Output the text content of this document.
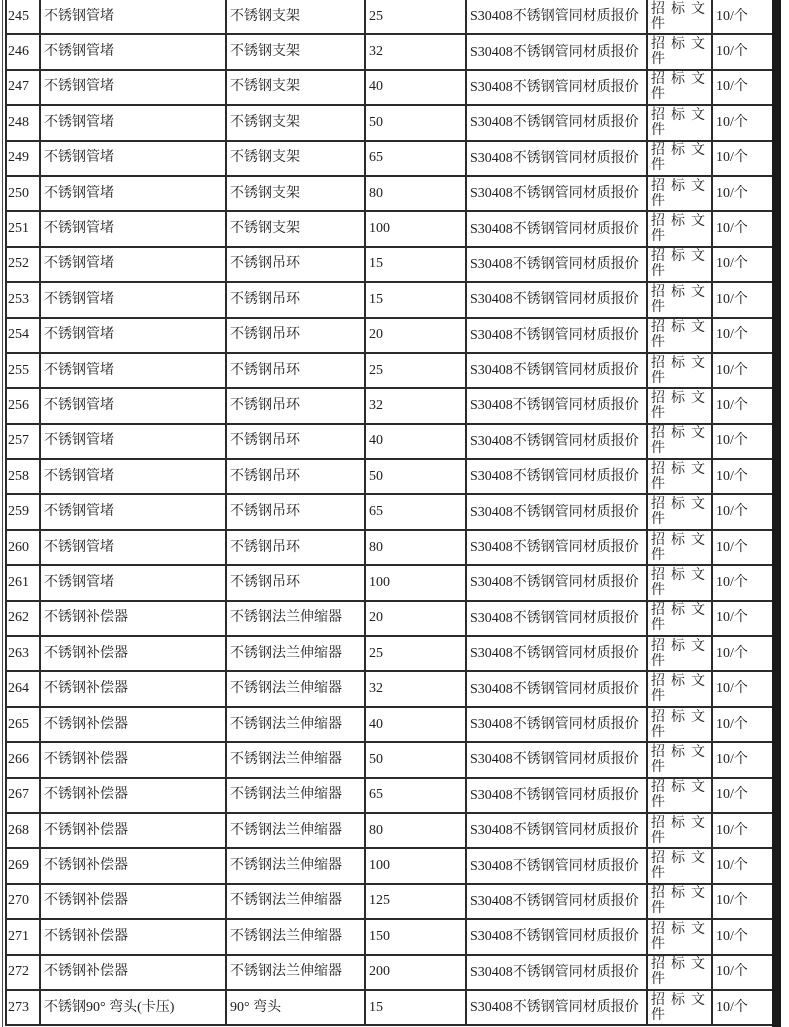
245	不锈钢管堵	不锈钢支架	25	S30408不锈钢管同材质报价	招标文件	10/个
246	不锈钢管堵	不锈钢支架	32	S30408不锈钢管同材质报价	招标文件	10/个
247	不锈钢管堵	不锈钢支架	40	S30408不锈钢管同材质报价	招标文件	10/个
248	不锈钢管堵	不锈钢支架	50	S30408不锈钢管同材质报价	招标文件	10/个
249	不锈钢管堵	不锈钢支架	65	S30408不锈钢管同材质报价	招标文件	10/个
250	不锈钢管堵	不锈钢支架	80	S30408不锈钢管同材质报价	招标文件	10/个
251	不锈钢管堵	不锈钢支架	100	S30408不锈钢管同材质报价	招标文件	10/个
252	不锈钢管堵	不锈钢吊环	15	S30408不锈钢管同材质报价	招标文件	10/个
253	不锈钢管堵	不锈钢吊环	15	S30408不锈钢管同材质报价	招标文件	10/个
254	不锈钢管堵	不锈钢吊环	20	S30408不锈钢管同材质报价	招标文件	10/个
255	不锈钢管堵	不锈钢吊环	25	S30408不锈钢管同材质报价	招标文件	10/个
256	不锈钢管堵	不锈钢吊环	32	S30408不锈钢管同材质报价	招标文件	10/个
257	不锈钢管堵	不锈钢吊环	40	S30408不锈钢管同材质报价	招标文件	10/个
258	不锈钢管堵	不锈钢吊环	50	S30408不锈钢管同材质报价	招标文件	10/个
259	不锈钢管堵	不锈钢吊环	65	S30408不锈钢管同材质报价	招标文件	10/个
260	不锈钢管堵	不锈钢吊环	80	S30408不锈钢管同材质报价	招标文件	10/个
261	不锈钢管堵	不锈钢吊环	100	S30408不锈钢管同材质报价	招标文件	10/个
262	不锈钢补偿器	不锈钢法兰伸缩器	20	S30408不锈钢管同材质报价	招标文件	10/个
263	不锈钢补偿器	不锈钢法兰伸缩器	25	S30408不锈钢管同材质报价	招标文件	10/个
264	不锈钢补偿器	不锈钢法兰伸缩器	32	S30408不锈钢管同材质报价	招标文件	10/个
265	不锈钢补偿器	不锈钢法兰伸缩器	40	S30408不锈钢管同材质报价	招标文件	10/个
266	不锈钢补偿器	不锈钢法兰伸缩器	50	S30408不锈钢管同材质报价	招标文件	10/个
267	不锈钢补偿器	不锈钢法兰伸缩器	65	S30408不锈钢管同材质报价	招标文件	10/个
268	不锈钢补偿器	不锈钢法兰伸缩器	80	S30408不锈钢管同材质报价	招标文件	10/个
269	不锈钢补偿器	不锈钢法兰伸缩器	100	S30408不锈钢管同材质报价	招标文件	10/个
270	不锈钢补偿器	不锈钢法兰伸缩器	125	S30408不锈钢管同材质报价	招标文件	10/个
271	不锈钢补偿器	不锈钢法兰伸缩器	150	S30408不锈钢管同材质报价	招标文件	10/个
272	不锈钢补偿器	不锈钢法兰伸缩器	200	S30408不锈钢管同材质报价	招标文件	10/个
273	不锈钢90° 弯头(卡压)	90° 弯头	15	S30408不锈钢管同材质报价	招标文件	10/个
